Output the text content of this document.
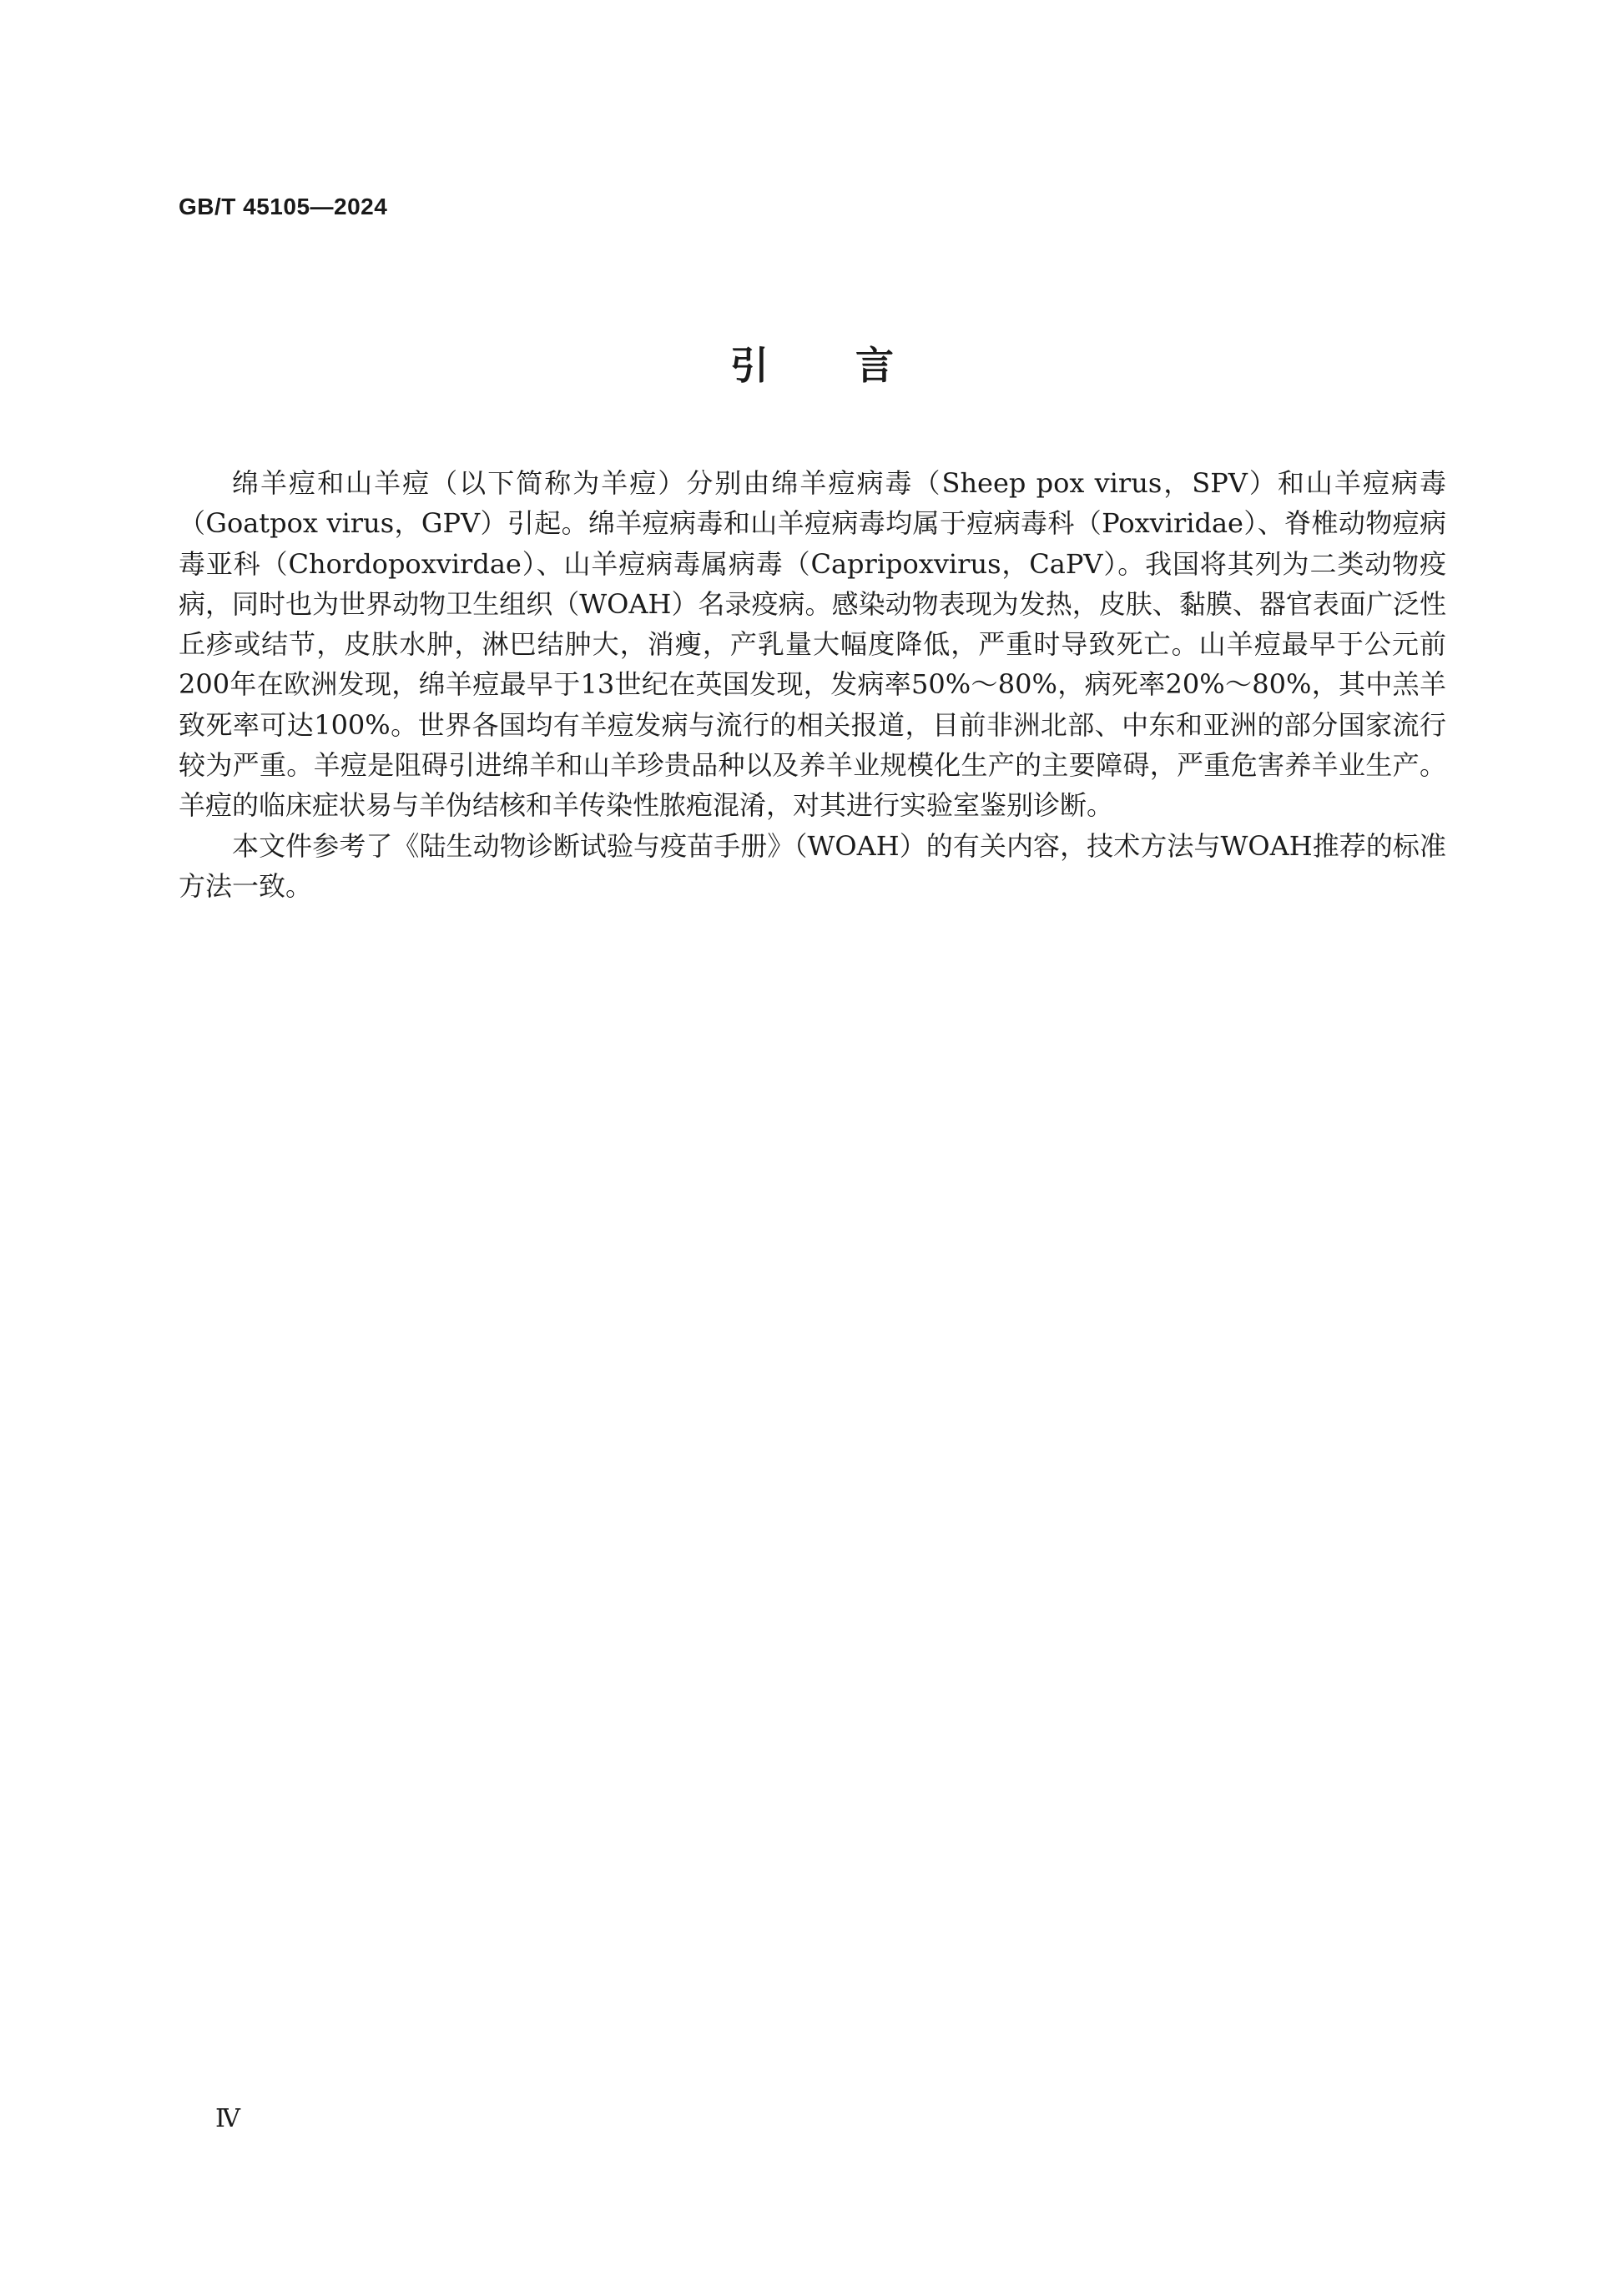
GB/T 45105—2024
引言

绵羊痘和山羊痘（以下简称为羊痘）分别由绵羊痘病毒（Sheep pox virus，SPV）和山羊痘病毒（Goatpox virus，GPV）引起。绵羊痘病毒和山羊痘病毒均属于痘病毒科（Poxviridae）、脊椎动物痘病毒亚科（Chordopoxvirdae）、山羊痘病毒属病毒（Capripoxvirus，CaPV）。我国将其列为二类动物疫病，同时也为世界动物卫生组织（WOAH）名录疫病。感染动物表现为发热，皮肤、黏膜、器官表面广泛性丘疹或结节，皮肤水肿，淋巴结肿大，消瘦，产乳量大幅度降低，严重时导致死亡。山羊痘最早于公元前200年在欧洲发现，绵羊痘最早于13世纪在英国发现，发病率50%～80%，病死率20%～80%，其中羔羊致死率可达100%。世界各国均有羊痘发病与流行的相关报道，目前非洲北部、中东和亚洲的部分国家流行较为严重。羊痘是阻碍引进绵羊和山羊珍贵品种以及养羊业规模化生产的主要障碍，严重危害养羊业生产。羊痘的临床症状易与羊伪结核和羊传染性脓疱混淆，对其进行实验室鉴别诊断。

本文件参考了《陆生动物诊断试验与疫苗手册》（WOAH）的有关内容，技术方法与WOAH推荐的标准方法一致。

Ⅳ
